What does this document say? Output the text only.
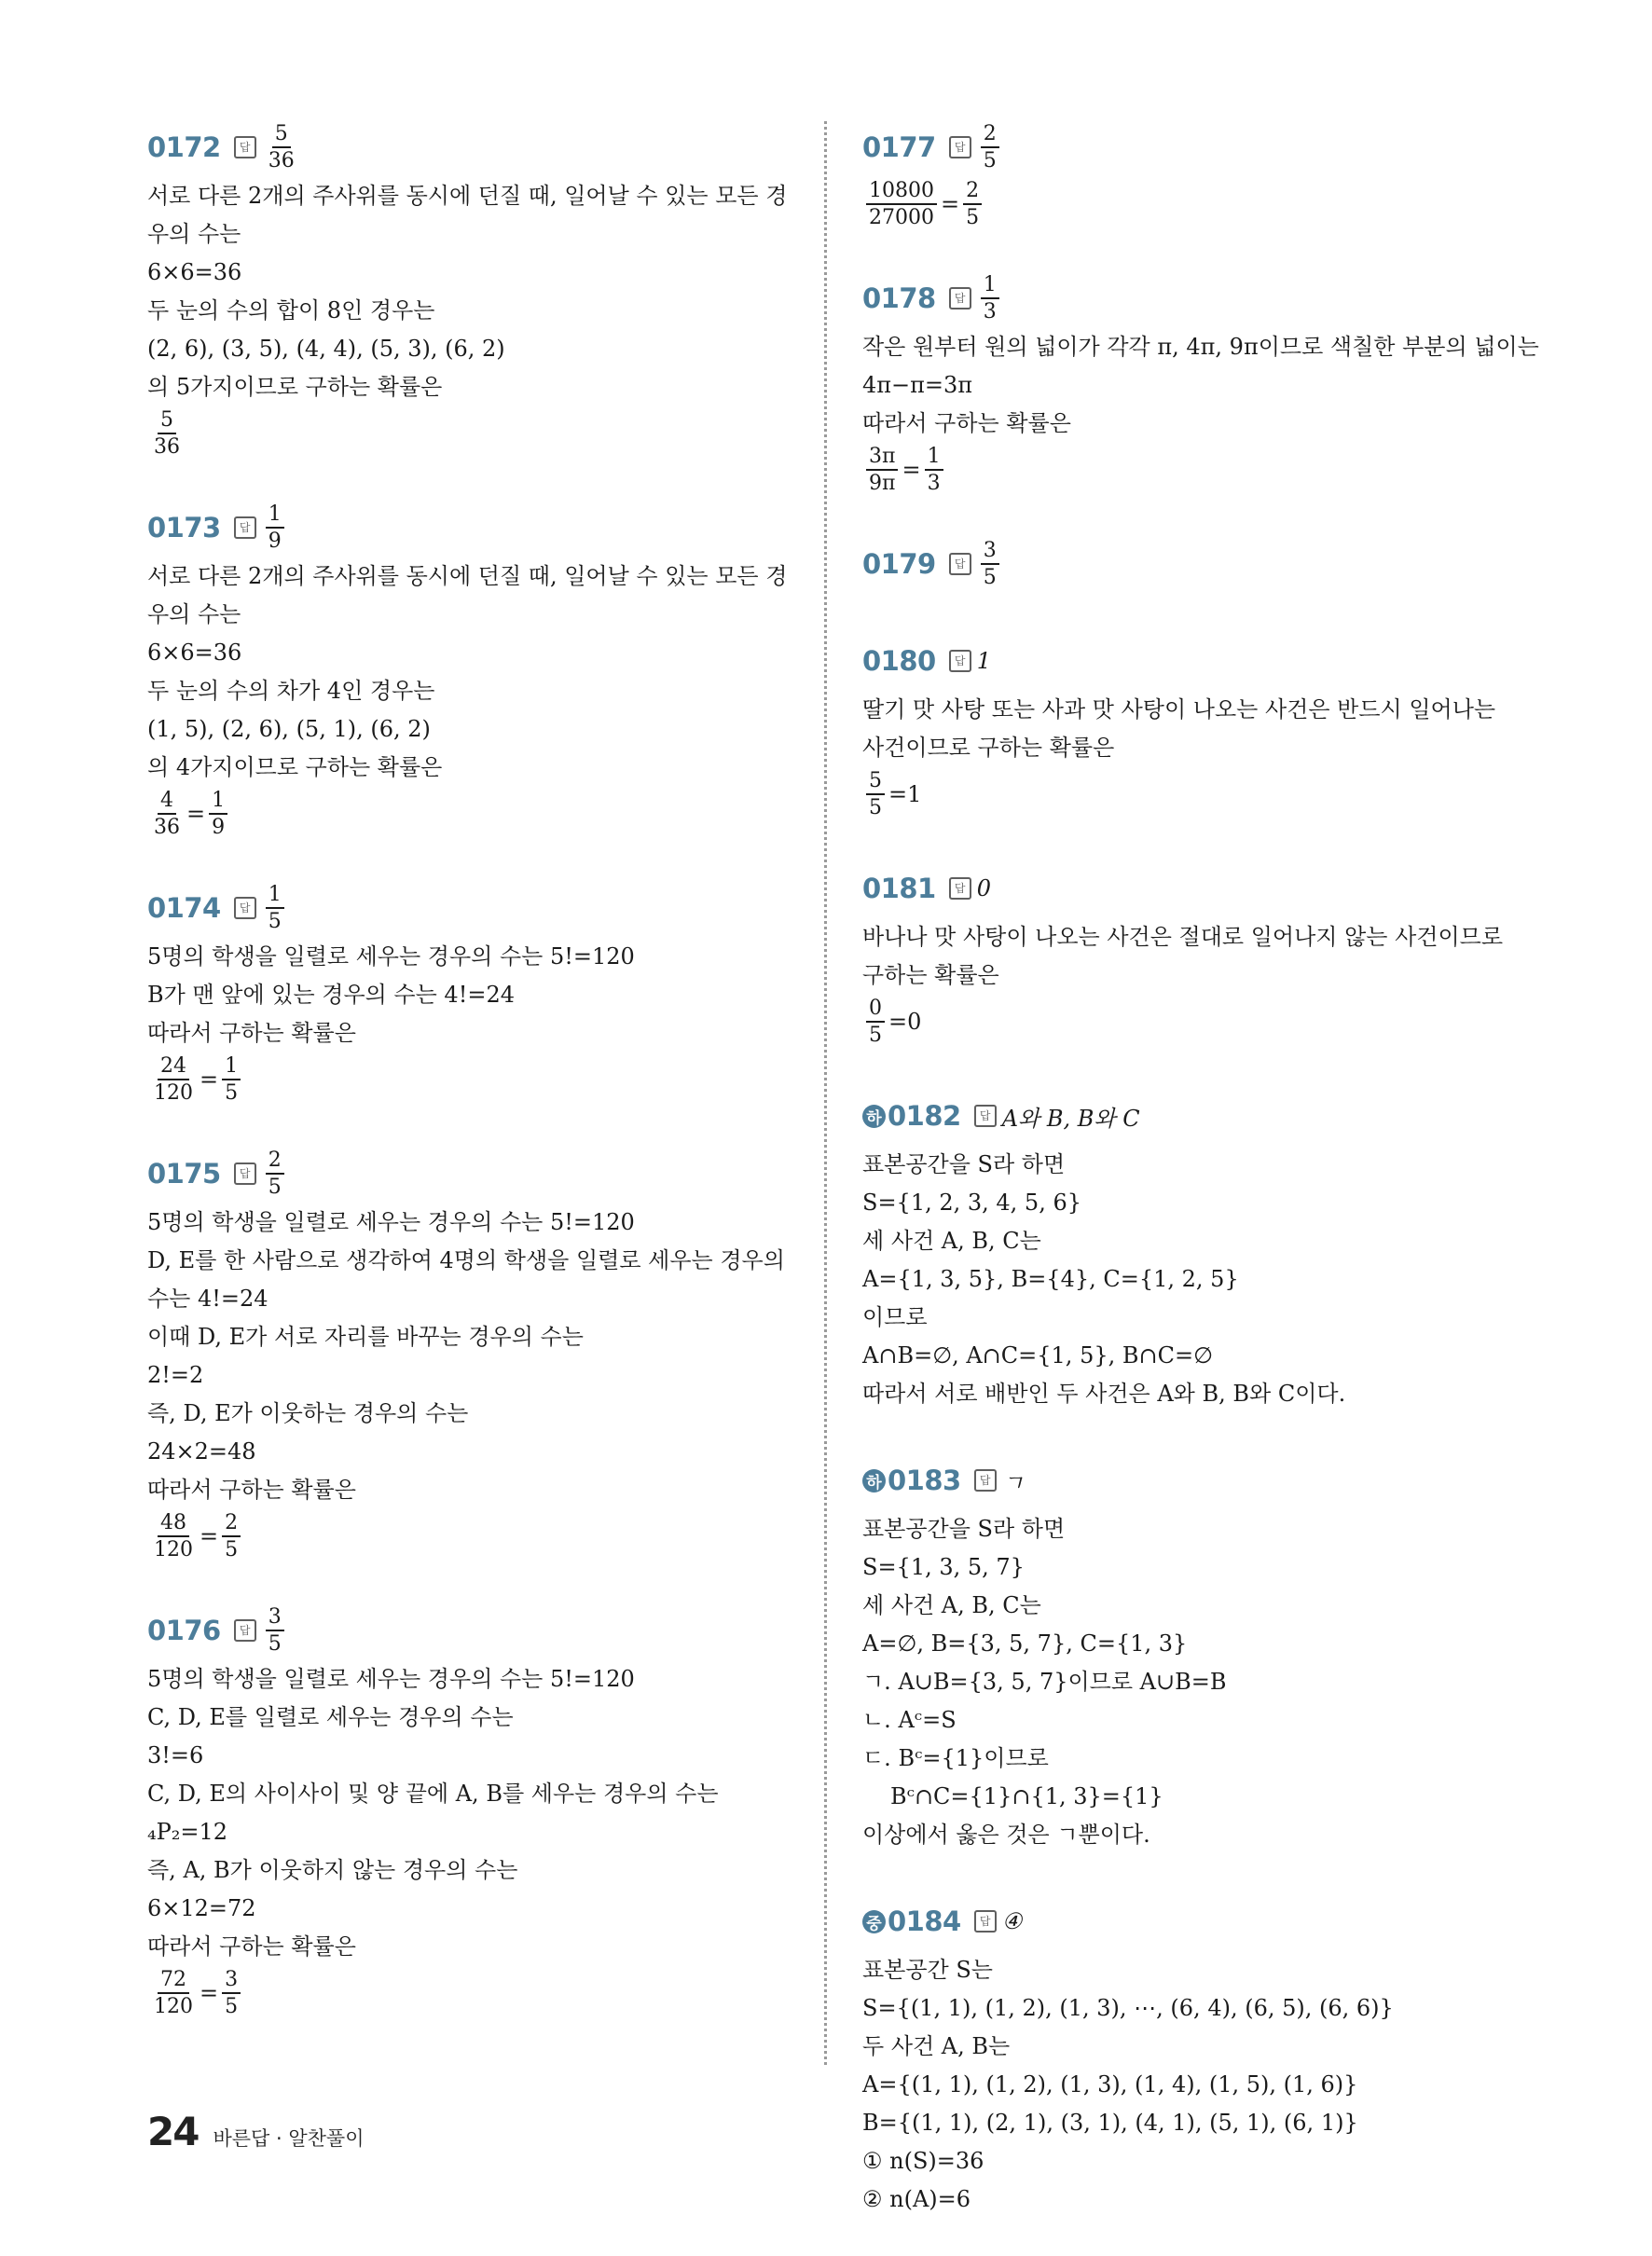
0172	답 $\frac{5}{36}$
서로 다른 2개의 주사위를 동시에 던질 때, 일어날 수 있는 모든 경우의 수는
6×6=36
두 눈의 수의 합이 8인 경우는
(2, 6), (3, 5), (4, 4), (5, 3), (6, 2)
의 5가지이므로 구하는 확률은
$\frac{5}{36}$
0173	답 $\frac{1}{9}$
서로 다른 2개의 주사위를 동시에 던질 때, 일어날 수 있는 모든 경우의 수는
6×6=36
두 눈의 수의 차가 4인 경우는
(1, 5), (2, 6), (5, 1), (6, 2)
의 4가지이므로 구하는 확률은
$\frac{4}{36} = \frac{1}{9}$
0174	답 $\frac{1}{5}$
5명의 학생을 일렬로 세우는 경우의 수는 5!=120
B가 맨 앞에 있는 경우의 수는 4!=24
따라서 구하는 확률은
$\frac{24}{120} = \frac{1}{5}$
0175	답 $\frac{2}{5}$
5명의 학생을 일렬로 세우는 경우의 수는 5!=120
D, E를 한 사람으로 생각하여 4명의 학생을 일렬로 세우는 경우의 수는 4!=24
이때 D, E가 서로 자리를 바꾸는 경우의 수는
2!=2
즉, D, E가 이웃하는 경우의 수는
24×2=48
따라서 구하는 확률은
$\frac{48}{120} = \frac{2}{5}$
0176	답 $\frac{3}{5}$
5명의 학생을 일렬로 세우는 경우의 수는 5!=120
C, D, E를 일렬로 세우는 경우의 수는
3!=6
C, D, E의 사이사이 및 양 끝에 A, B를 세우는 경우의 수는
₄P₂=12
즉, A, B가 이웃하지 않는 경우의 수는
6×12=72
따라서 구하는 확률은
$\frac{72}{120} = \frac{3}{5}$
0177	답 $\frac{2}{5}$
$\frac{10800}{27000} = \frac{2}{5}$
0178	답 $\frac{1}{3}$
작은 원부터 원의 넓이가 각각 π, 4π, 9π이므로 색칠한 부분의 넓이는
4π−π=3π
따라서 구하는 확률은
$\frac{3\pi}{9\pi} = \frac{1}{3}$
0179	답 $\frac{3}{5}$
0180	답 1
딸기 맛 사탕 또는 사과 맛 사탕이 나오는 사건은 반드시 일어나는 사건이므로 구하는 확률은
$\frac{5}{5} =1$
0181	답 0
바나나 맛 사탕이 나오는 사건은 절대로 일어나지 않는 사건이므로
구하는 확률은
$\frac{0}{5} =0$
하 0182	답 A와 B, B와 C
표본공간을 S라 하면
S={1, 2, 3, 4, 5, 6}
세 사건 A, B, C는
A={1, 3, 5}, B={4}, C={1, 2, 5}
이므로
A∩B=∅, A∩C={1, 5}, B∩C=∅
따라서 서로 배반인 두 사건은 A와 B, B와 C이다.
하 0183	답 ㄱ
표본공간을 S라 하면
S={1, 3, 5, 7}
세 사건 A, B, C는
A=∅, B={3, 5, 7}, C={1, 3}
ㄱ. A∪B={3, 5, 7}이므로 A∪B=B
ㄴ. Aᶜ=S
ㄷ. Bᶜ={1}이므로
Bᶜ∩C={1}∩{1, 3}={1}
이상에서 옳은 것은 ㄱ뿐이다.
중 0184	답 ④
표본공간 S는
S={(1, 1), (1, 2), (1, 3), ⋯, (6, 4), (6, 5), (6, 6)}
두 사건 A, B는
A={(1, 1), (1, 2), (1, 3), (1, 4), (1, 5), (1, 6)}
B={(1, 1), (2, 1), (3, 1), (4, 1), (5, 1), (6, 1)}
① n(S)=36
② n(A)=6
24 바른답 · 알찬풀이
